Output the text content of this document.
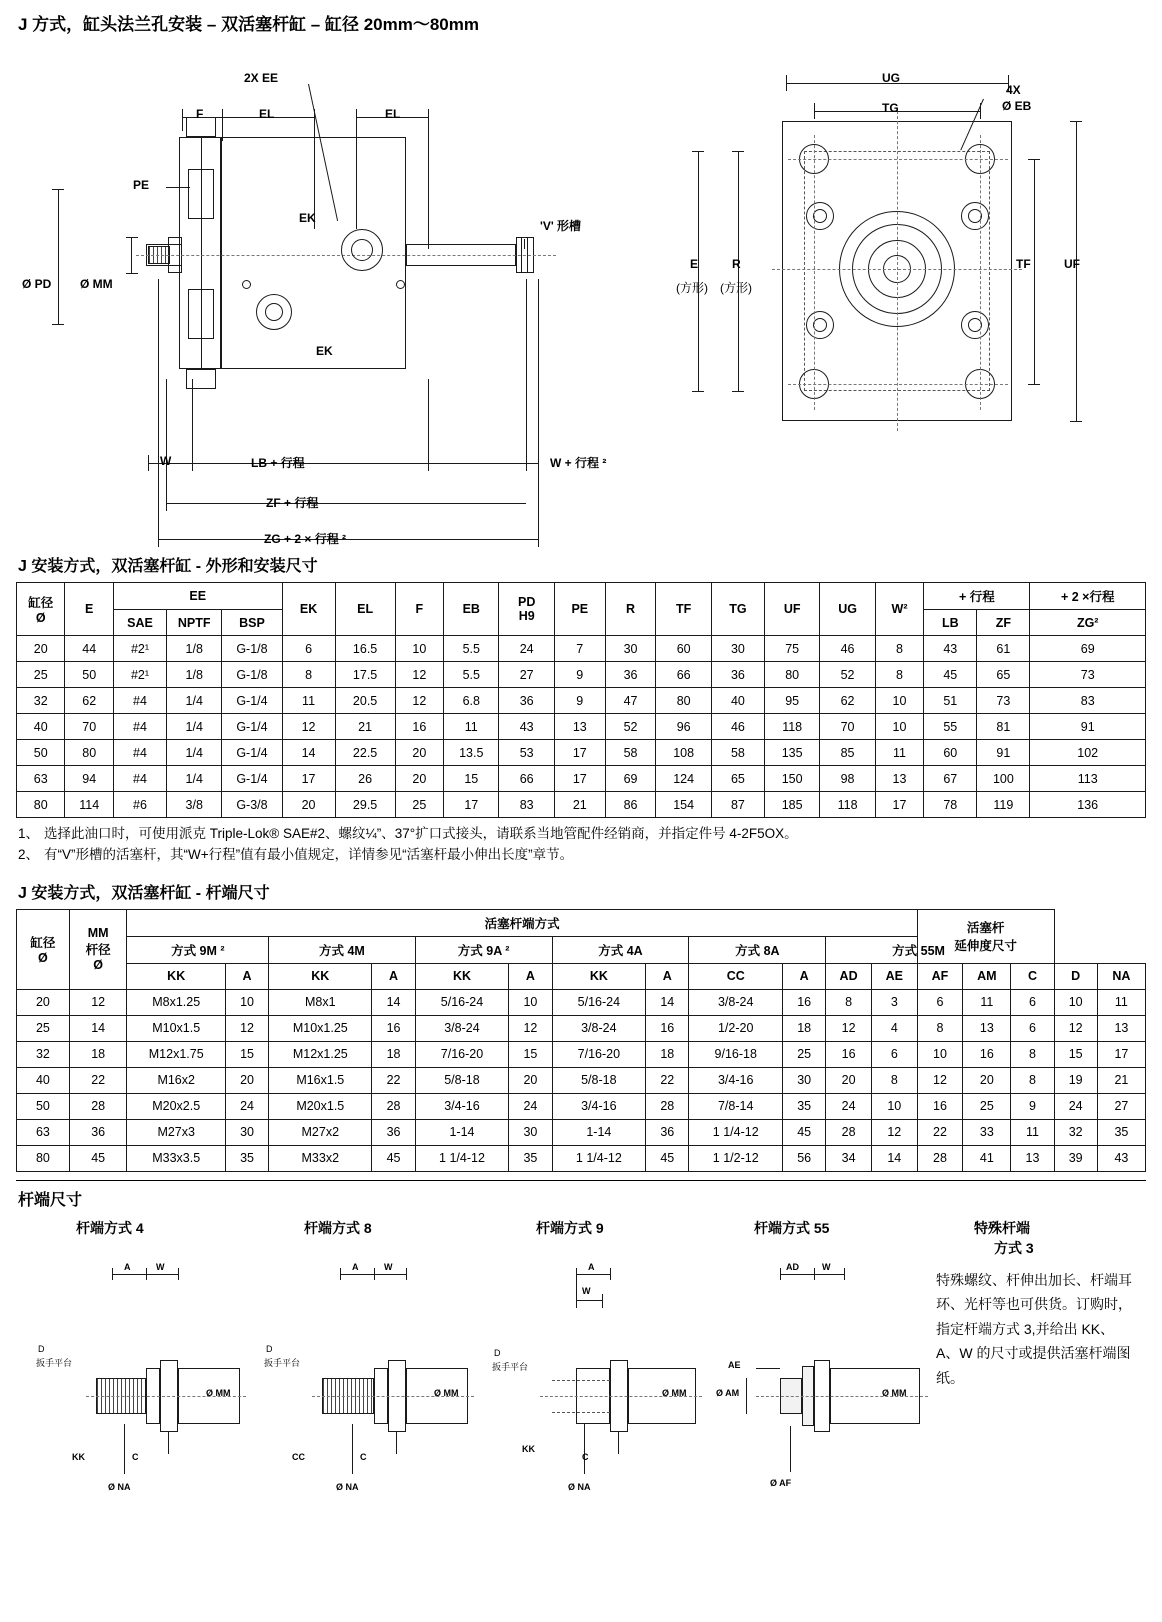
J 方式，缸头法兰孔安装 – 双活塞杆缸 – 缸径 20mm～80mm
2X EE
F	EL	EL
PE
EK
EK
'V' 形槽
Ø PD Ø MM
W	LB + 行程	W + 行程 ²
ZF + 行程
ZG + 2 × 行程 ²
UG
TG
4X
Ø EB
E	R
(方形) (方形)
TF	UF
J 安装方式，双活塞杆缸 - 外形和安装尺寸
缸径
Ø
	E	EE	EK	EL	F	EB	PD
H9	PE	R	TF	TG	UF	UG	W²	+ 行程	+ 2 ×行程
		SAE	NPTF	BSP													LB	ZF	ZG²
20	44	#2¹	1/8	G-1/8	6	16.5	10	5.5	24	7	30	60	30	75	46	8	43	61	69
25	50	#2¹	1/8	G-1/8	8	17.5	12	5.5	27	9	36	66	36	80	52	8	45	65	73
32	62	#4	1/4	G-1/4	11	20.5	12	6.8	36	9	47	80	40	95	62	10	51	73	83
40	70	#4	1/4	G-1/4	12	21	16	11	43	13	52	96	46	118	70	10	55	81	91
50	80	#4	1/4	G-1/4	14	22.5	20	13.5	53	17	58	108	58	135	85	11	60	91	102
63	94	#4	1/4	G-1/4	17	26	20	15	66	17	69	124	65	150	98	13	67	100	113
80	114	#6	3/8	G-3/8	20	29.5	25	17	83	21	86	154	87	185	118	17	78	119	136
1、 选择此油口时，可使用派克 Triple-Lok® SAE#2、螺纹¼”、37°扩口式接头，请联系当地管配件经销商，并指定件号 4-2F5OX。
2、 有“V”形槽的活塞杆，其“W+行程”值有最小值规定，详情参见“活塞杆最小伸出长度”章节。
J 安装方式，双活塞杆缸 - 杆端尺寸
缸径
Ø

MM
杆径
Ø
	活塞杆端方式	活塞杆
延伸度尺寸

		方式 9M ²		方式 4M		方式 9A ²		方式 4A		方式 8A		方式 55M						
		KK	A	KK	A	KK	A	KK	A	CC	A	AD	AE	AF	AM	C	D	NA
20	12	M8x1.25	10	M8x1	14	5/16-24	10	5/16-24	14	3/8-24	16	8	3	6	11	6	10	11
25	14	M10x1.5	12	M10x1.25	16	3/8-24	12	3/8-24	16	1/2-20	18	12	4	8	13	6	12	13
32	18	M12x1.75	15	M12x1.25	18	7/16-20	15	7/16-20	18	9/16-18	25	16	6	10	16	8	15	17
40	22	M16x2	20	M16x1.5	22	5/8-18	20	5/8-18	22	3/4-16	30	20	8	12	20	8	19	21
50	28	M20x2.5	24	M20x1.5	28	3/4-16	24	3/4-16	28	7/8-14	35	24	10	16	25	9	24	27
63	36	M27x3	30	M27x2	36	1-14	30	1-14	36	1 1/4-12	45	28	12	22	33	11	32	35
80	45	M33x3.5	35	M33x2	45	1 1/4-12	35	1 1/4-12	45	1 1/2-12	56	34	14	28	41	13	39	43
杆端尺寸
杆端方式 4	杆端方式 8	杆端方式 9	杆端方式 55	特殊杆端
方式 3
D
扳手平台
A	W
KK	C
Ø NA
Ø MM
D
扳手平台
A	W
CC	C
Ø NA
Ø MM
D
扳手平台
A
W
KK
C
Ø NA
Ø MM
AD	W
AE
Ø AM
Ø AF
Ø MM
特殊螺纹、杆伸出加长、杆端耳环、光杆等也可供货。订购时，指定杆端方式 3,并给出 KK、A、W 的尺寸或提供活塞杆端图纸。
